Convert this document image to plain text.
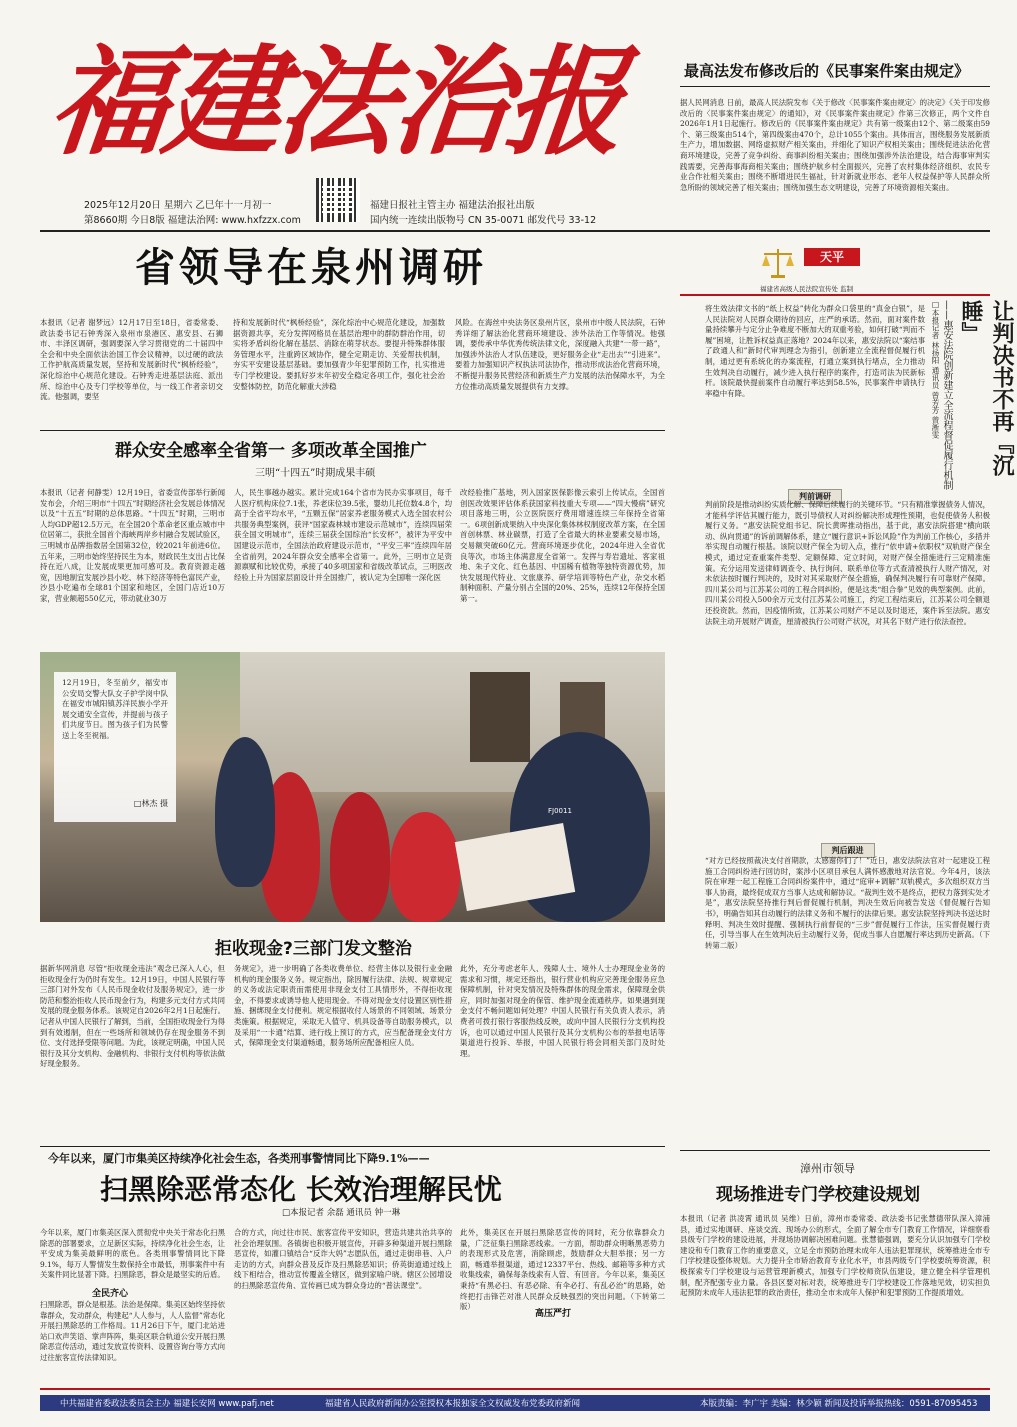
福建法治报
2025年12月20日 星期六 乙巳年十一月初一
第8660期 今日8版 福建法治网: www.hxfzzx.com
福建日报社主管主办 福建法治报社出版
国内统一连续出版物号 CN 35-0071 邮发代号 33-12
最高法发布修改后的《民事案件案由规定》
据人民网消息 日前，最高人民法院发布《关于修改〈民事案件案由规定〉的决定》《关于印发修改后的〈民事案件案由规定〉的通知》，对《民事案件案由规定》作第三次修正，两个文件自2026年1月1日起施行。修改后的《民事案件案由规定》共有第一级案由12个、第二级案由59个、第三级案由514个，第四级案由470个，总计1055个案由。具体而言，围绕服务发展新质生产力，增加数据、网络虚拟财产相关案由，并细化了知识产权相关案由；围绕促进法治化营商环境建设，完善了竞争纠纷、商事纠纷相关案由；围绕加强涉外法治建设，结合海事审判实践需要，完善海事海商相关案由；围绕护航乡村全面振兴，完善了农村集体经济组织、农民专业合作社相关案由；围绕不断增进民生福祉，针对新就业形态、老年人权益保护等人民群众所急所盼的领域完善了相关案由；围绕加强生态文明建设，完善了环境资源相关案由。
省领导在泉州调研
本报讯（记者 谢梦远）12月17日至18日，省委常委、政法委书记石钟秀深入泉州市泉港区、惠安县、石狮市、丰泽区调研，强调要深入学习贯彻党的二十届四中全会和中央全面依法治国工作会议精神，以过硬的政法工作护航高质量发展，坚持和发展新时代“枫桥经验”，深化综治中心规范化建设。石钟秀走进基层法庭、派出所、综治中心及专门学校等单位，与一线工作者亲切交流。他强调，要坚
持和发展新时代“枫桥经验”，深化综治中心规范化建设，加强数据资源共享，充分发挥网格员在基层治理中的群防群治作用，切实将矛盾纠纷化解在基层、消除在萌芽状态。要提升特殊群体服务管理水平，注重跨区域协作，健全定期走访、关爱帮扶机制，夯实平安建设基层基础。要加强青少年犯罪预防工作，扎实推进专门学校建设。要抓好岁末年初安全稳定各项工作，强化社会治安整体防控，防范化解重大涉稳
风险。在海丝中央法务区泉州片区，泉州市中级人民法院，石钟秀详细了解法治化营商环境建设、涉外法治工作等情况。他强调，要传承中华优秀传统法律文化，深度融入共建“一带一路”，加强涉外法治人才队伍建设，更好服务企业“走出去”“引进来”。要着力加强知识产权执法司法协作，推动形成法治化营商环境，不断提升服务民营经济和新质生产力发展的法治保障水平，为全方位推动高质量发展提供有力支撑。
群众安全感率全省第一 多项改革全国推广
三明“十四五”时期成果丰硕
本报讯（记者 何静雯）12月19日，省委宣传部举行新闻发布会，介绍三明市“十四五”时期经济社会发展总体情况以及“十五五”时期的总体思路。“十四五”时期，三明市人均GDP超12.5万元，在全国20个革命老区重点城市中位居第二，获批全国首个海峡两岸乡村融合发展试验区，三明城市品牌指数居全国第32位，较2021年前进6位。五年来，三明市始终坚持民生为本，财政民生支出占比保持在近八成，让发展成果更加可感可及。教育资源走越宽，因地制宜发展沙县小吃、林下经济等特色富民产业，沙县小吃遍布全球81个国家和地区，全国门店近10万家，营业额超550亿元，带动就业30万
人，民生事越办越实。累计完成164个省市为民办实事项目，每千人医疗机构床位7.1张，养老床位39.5张，婴幼儿托位数4.8个，均高于全省平均水平，“五颗五保”居家养老服务模式入选全国农村公共服务典型案例，获评“国家森林城市建设示范城市”，连续四届荣获全国文明城市”，连续三届获全国综治“长安杯”，被评为平安中国建设示范市，全国法治政府建设示范市，“平安三率”连续四年居全省前列，2024年群众安全感率全省第一。此外，三明市立足资源禀赋和比较优势，承接了40多项国家和省级改革试点，三明医改经验上升为国家层面设计并全国推广，被认定为全国唯一深化医
改经验推广基地，列入国家医保影像云索引上传试点，全国首创医改效果评估体系获国家科技重大专项——“四大慢病”研究项目落地三明，公立医院医疗费用增速连续三年保持全省第一。6项创新成果纳入中央深化集体林权制度改革方案，在全国首创林票、林业碳票，打造了全省最大的林业要素交易市场，交易额突破60亿元。营商环境逐步优化，2024年进入全省优良等次，市场主体满意度全省第一。发挥与寿岩遗址、客家祖地、朱子文化、红色基因、中国稀有植物等独特资源优势，加快发展现代特业、文旅康养、研学培训等特色产业，杂交水稻制种面积、产量分别占全国的20%、25%，连续12年保持全国第一。
FJ0011
12月19日，冬至前夕，福安市公安局交警大队女子护学岗中队在福安市城阳镇苏洋民族小学开展交通安全宣传，并提前与孩子们共度节日。图为孩子们为民警送上冬至祝福。
□林杰 摄
拒收现金?三部门发文整治
据新华网消息 尽管“拒收现金违法”观念已深入人心，但拒收现金行为仍时有发生。12月19日，中国人民银行等三部门对外发布《人民币现金收付及服务规定》，进一步防范和整治拒收人民币现金行为，构建多元支付方式共同发展的现金服务体系。该规定自2026年2月1日起施行。记者从中国人民银行了解到，当前，全国拒收现金行为得到有效遏制，但在一些场所和领域仍存在现金服务不到位、支付选择受限等问题。为此，该规定明确，中国人民银行及其分支机构、金融机构、非银行支付机构等依法做好现金服务。
务规定》，进一步明确了各类收费单位、经营主体以及银行业金融机构的现金服务义务。规定指出，除因履行法律、法规、规章规定的义务或法定职责而需使用非现金支付工具情形外，不得拒收现金，不得要求或诱导他人使用现金。不得对现金支付设置区别性措施、捆绑现金支付便利。规定根据收付人场景的不同领域、场景分类施策。根据规定，采取无人值守、机具设备等自助服务模式，以及采用“一卡通”结算、进行线上预订的方式，应当配备现金支付方式，保障现金支付渠道畅通，服务场所应配备相应人员。
此外，充分考虑老年人、残障人士、境外人士办理现金业务的需求和习惯，规定还指出，银行营业机构应完善现金服务应急保障机制，针对突发情况及特殊群体的现金需求，保障现金供应，同时加强对现金的保管、维护现金流通秩序。如果遇到现金支付不畅问题如何处理？中国人民银行有关负责人表示，消费者可拨打银行客服热线反映，或向中国人民银行分支机构投诉，也可以通过中国人民银行及其分支机构公布的举报电话等渠道进行投诉、举报，中国人民银行将会同相关部门及时处理。
今年以来，厦门市集美区持续净化社会生态，各类刑事警情同比下降9.1%——
扫黑除恶常态化 长效治理解民忧
□本报记者 余磊 通讯员 钟一琳
今年以来，厦门市集美区深入贯彻党中央关于常态化扫黑除恶的部署要求，立足新区实际，持续净化社会生态，让平安成为集美最鲜明的底色。各类刑事警情同比下降9.1%，每万人警情发生数保持全市最低，刑事案件中有关案件同比显著下降。扫黑除恶，群众是最坚实的后盾。
全民齐心
扫黑除恶，群众是根基。法治是保障。集美区始终坚持依靠群众，发动群众，构建起“人人参与，人人监督”常态化开展扫黑除恶的工作格局。11月26日下午，厦门北站进站口欢声笑语、掌声阵阵，集美区联合轨道公安开展扫黑除恶宣传活动，通过发放宣传资料、设置咨询台等方式向过往旅客宣传法律知识。
合的方式，向过往市民、旅客宣传平安知识，营造共建共治共享的社会治理氛围。各镇街也积极开展宣传，开辟多种渠道开展扫黑除恶宣传，如灌口镇结合“反诈大妈”志愿队伍，通过走街串巷、入户走访的方式，向群众普及反诈及扫黑除恶知识；侨英街道通过线上线下相结合，推动宣传覆盖全辖区，做到家喻户晓。辖区公园增设的扫黑除恶宣传角、宣传画已成为群众身边的“普法课堂”。
此外，集美区在开展扫黑除恶宣传的同时，充分依靠群众力量，广泛征集扫黑除恶线索。一方面，帮助群众明晰黑恶势力的表现形式及危害，消除顾虑，鼓励群众大胆举报；另一方面，畅通举报渠道，通过12337平台、热线、邮箱等多种方式收集线索，确保每条线索有人管、有回音。今年以来，集美区秉持“有黑必扫、有恶必除、有伞必打、有乱必治”的思路，始终把打击锋芒对准人民群众反映强烈的突出问题。（下转第二版）
高压严打
天平
福建省高级人民法院宣传处 监制
将生效法律文书的“纸上权益”转化为群众口袋里的“真金白银”，是人民法院对人民群众期待的回应，庄严的承诺。然而，面对案件数量持续攀升与定分止争难度不断加大的双重考验，如何打破“判而不履”困境，让胜诉权益真正落地？2024年以来，惠安法院以“案结事了政通人和”新时代审判理念为指引，创新建立全流程督促履行机制，通过更有系统化的办案流程，打通立案到执行堵点，全力推动生效判决自动履行，减少进入执行程序的案件，打造司法为民新标杆。该院最快提前案件自动履行率达到58.5%，民事案件申请执行率稳中有降。	让判决书不再『沉睡』
——惠安法院创新建立全流程督促履行机制
□本报记者 林扬阳 通讯员 曾芳芳 曾淅雯
判前调研
判前阶段是推动纠纷实质化解、保障后续履行的关键环节。“只有精准掌握债务人情况，才能科学评估其履行能力，既引导债权人对纠纷解决形成理性预期，也促使债务人积极履行义务。“惠安法院党组书记、院长黄晖推动指出，基于此，惠安法院搭建“横向联动、纵向贯通”的诉前调解体系，建立“履行意识+诉讼风险”作为判前工作核心，多措并举实现自动履行根基。该院以财产保全为切入点，推行“依申请+依职权”双轨财产保全模式，通过定查重案件类型、定额保障、定立时间，对财产保全措施进行三定精准施策。充分运用发送律师调查令、执行询问、联系单位等方式查清被执行人财产情况，对未依法按时履行判决的，及时对其采取财产保全措施，确保判决履行有可靠财产保障。四川某公司与江苏某公司的工程合同纠纷，便是这类“组合拳”见效的典型案例。此前，四川某公司投入500余万元支付江苏某公司施工，约定工程结束后，江苏某公司全额退还投资款。然而，因疫情所致，江苏某公司财产不足以及时退还，案件诉至法院。惠安法院主动开展财产调查，厘清被执行公司财产状况，对其名下财产进行依法查控。
判后跟进
“对方已经按照裁决支付首期款，太感谢你们了！”近日，惠安法院法官对一起建设工程施工合同纠纷进行回访时，案涉小区项目承包人满怀感激地对法官说。今年4月，该法院在审理一起工程施工合同纠纷案件中，通过“庭审+调解”双轨模式，多次组织双方当事人协商，最终促成双方当事人达成和解协议。“裁判生效不是终点，把权力落到实处才是”，惠安法院坚持推行判后督促履行机制，判决生效后向被告发送《督促履行告知书》，明确告知其自动履行的法律义务和不履行的法律后果。惠安法院坚持判决书送达时释明、判决生效时提醒、强制执行前督促的“三步”督促履行工作法，压实督促履行责任，引导当事人在生效判决后主动履行义务，促成当事人自愿履行率达到历史新高。（下转第二版）
漳州市领导
现场推进专门学校建设规划
本报讯（记者 洪凌霄 通讯员 吴维）日前，漳州市委常委、政法委书记张慧德带队深入漳浦县，通过实地调研、座谈交流、现场办公的形式，全面了解全市专门教育工作情况，详细察看县级专门学校的建设进展，并现场协调解决困难问题。张慧德强调，要充分认识加强专门学校建设和专门教育工作的重要意义，立足全市预防治理未成年人违法犯罪现状，统筹推进全市专门学校建设整体规划。大力提升全市矫治教育专业化水平，市县两级专门学校要统筹资源，积极探索专门学校建设与运营管理新模式，加强专门学校师资队伍建设，建立健全科学管理机制，配齐配强专业力量。各县区要对标对表，统筹推进专门学校建设工作落地见效，切实担负起预防未成年人违法犯罪的政治责任，推动全市未成年人保护和犯罪预防工作提质增效。
中共福建省委政法委员会主办 福建长安网 www.pafj.net	福建省人民政府新闻办公室授权本报独家全文权威发布党委政府新闻	本版责编：李广宇 美编：林少颖 新闻及投诉举报热线：0591-87095453
